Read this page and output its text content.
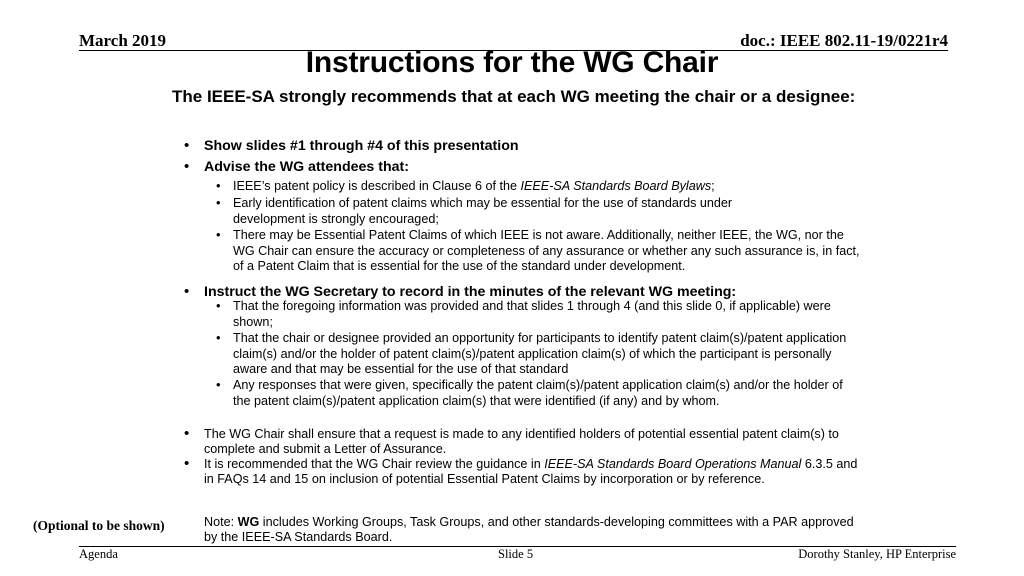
March 2019	doc.: IEEE 802.11-19/0221r4
Instructions for the WG Chair
The IEEE-SA strongly recommends that at each WG meeting the chair or a designee:
• Show slides #1 through #4 of this presentation
• Advise the WG attendees that:
• IEEE’s patent policy is described in Clause 6 of the IEEE-SA Standards Board Bylaws;
• Early identification of patent claims which may be essential for the use of standards under development is strongly encouraged;
• There may be Essential Patent Claims of which IEEE is not aware. Additionally, neither IEEE, the WG, nor the WG Chair can ensure the accuracy or completeness of any assurance or whether any such assurance is, in fact, of a Patent Claim that is essential for the use of the standard under development.
• Instruct the WG Secretary to record in the minutes of the relevant WG meeting:
• That the foregoing information was provided and that slides 1 through 4 (and this slide 0, if applicable) were shown;
• That the chair or designee provided an opportunity for participants to identify patent claim(s)/patent application claim(s) and/or the holder of patent claim(s)/patent application claim(s) of which the participant is personally aware and that may be essential for the use of that standard
• Any responses that were given, specifically the patent claim(s)/patent application claim(s) and/or the holder of the patent claim(s)/patent application claim(s) that were identified (if any) and by whom.
• The WG Chair shall ensure that a request is made to any identified holders of potential essential patent claim(s) to complete and submit a Letter of Assurance.
• It is recommended that the WG Chair review the guidance in IEEE-SA Standards Board Operations Manual 6.3.5 and in FAQs 14 and 15 on inclusion of potential Essential Patent Claims by incorporation or by reference.
Note: WG includes Working Groups, Task Groups, and other standards-developing committees with a PAR approved by the IEEE-SA Standards Board.
(Optional to be shown)
Agenda	Slide 5	Dorothy Stanley, HP Enterprise
